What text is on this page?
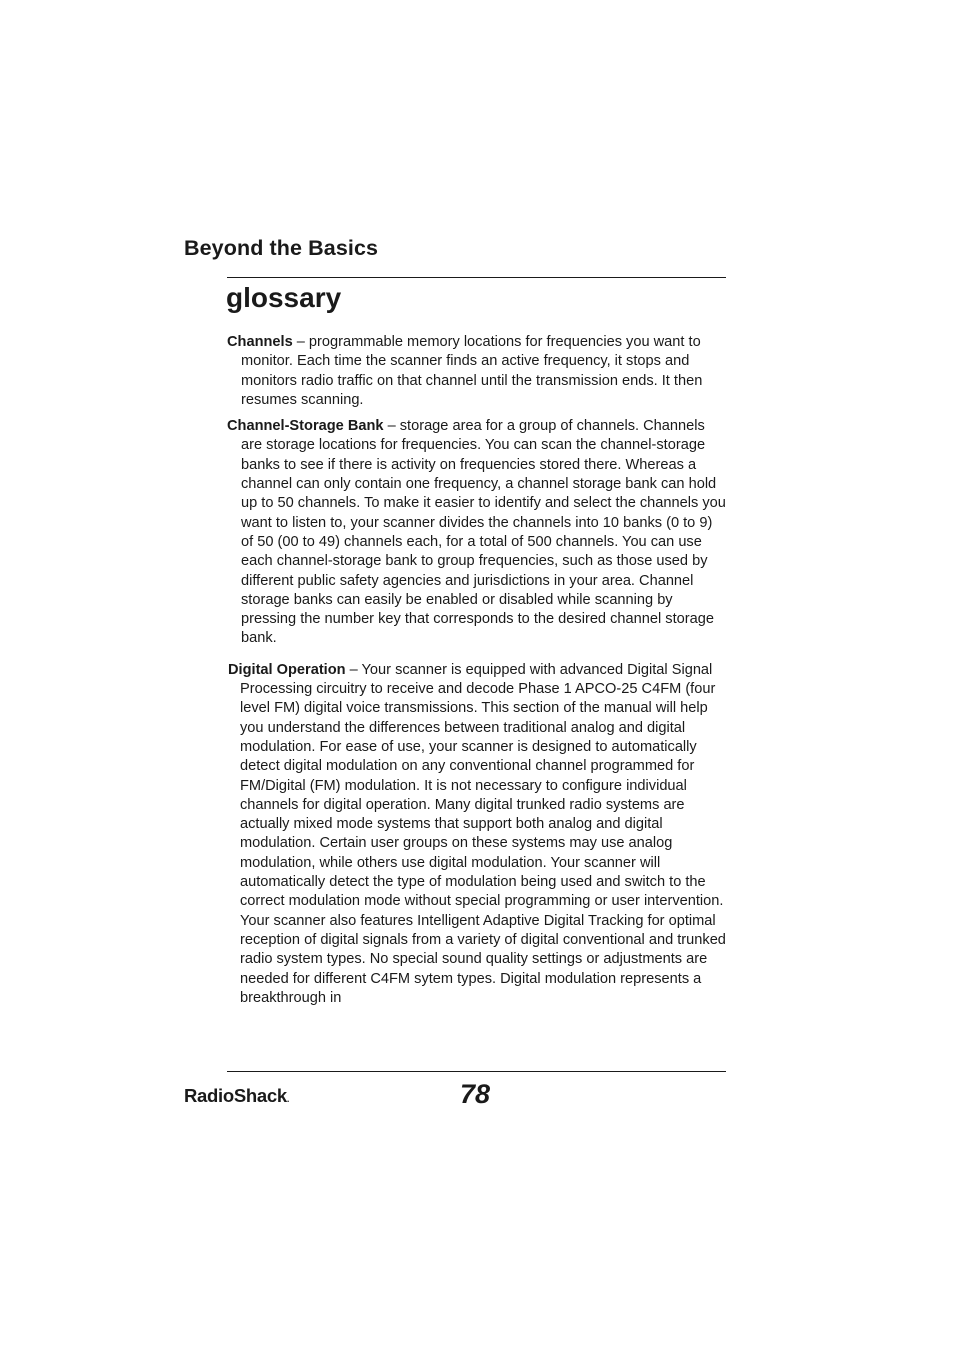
Beyond the Basics
glossary

Channels – programmable memory locations for frequencies you want to monitor. Each time the scanner finds an active frequency, it stops and monitors radio traffic on that channel until the transmission ends. It then resumes scanning.

Channel-Storage Bank – storage area for a group of channels. Channels are storage locations for frequencies. You can scan the channel-storage banks to see if there is activity on frequencies stored there. Whereas a channel can only contain one frequency, a channel storage bank can hold up to 50 channels. To make it easier to identify and select the channels you want to listen to, your scanner divides the channels into 10 banks (0 to 9) of 50 (00 to 49) channels each, for a total of 500 channels. You can use each channel-storage bank to group frequencies, such as those used by different public safety agencies and jurisdictions in your area. Channel storage banks can easily be enabled or disabled while scanning by pressing the number key that corresponds to the desired channel storage bank.

Digital Operation – Your scanner is equipped with advanced Digital Signal Processing circuitry to receive and decode Phase 1 APCO-25 C4FM (four level FM) digital voice transmissions. This section of the manual will help you understand the differences between traditional analog and digital modulation. For ease of use, your scanner is designed to automatically detect digital modulation on any conventional channel programmed for FM/Digital (FM) modulation. It is not necessary to configure individual channels for digital operation. Many digital trunked radio systems are actually mixed mode systems that support both analog and digital modulation. Certain user groups on these systems may use analog modulation, while others use digital modulation. Your scanner will automatically detect the type of modulation being used and switch to the correct modulation mode without special programming or user intervention. Your scanner also features Intelligent Adaptive Digital Tracking for optimal reception of digital signals from a variety of digital conventional and trunked radio system types. No special sound quality settings or adjustments are needed for different C4FM sytem types. Digital modulation represents a breakthrough in

RadioShack.	78
